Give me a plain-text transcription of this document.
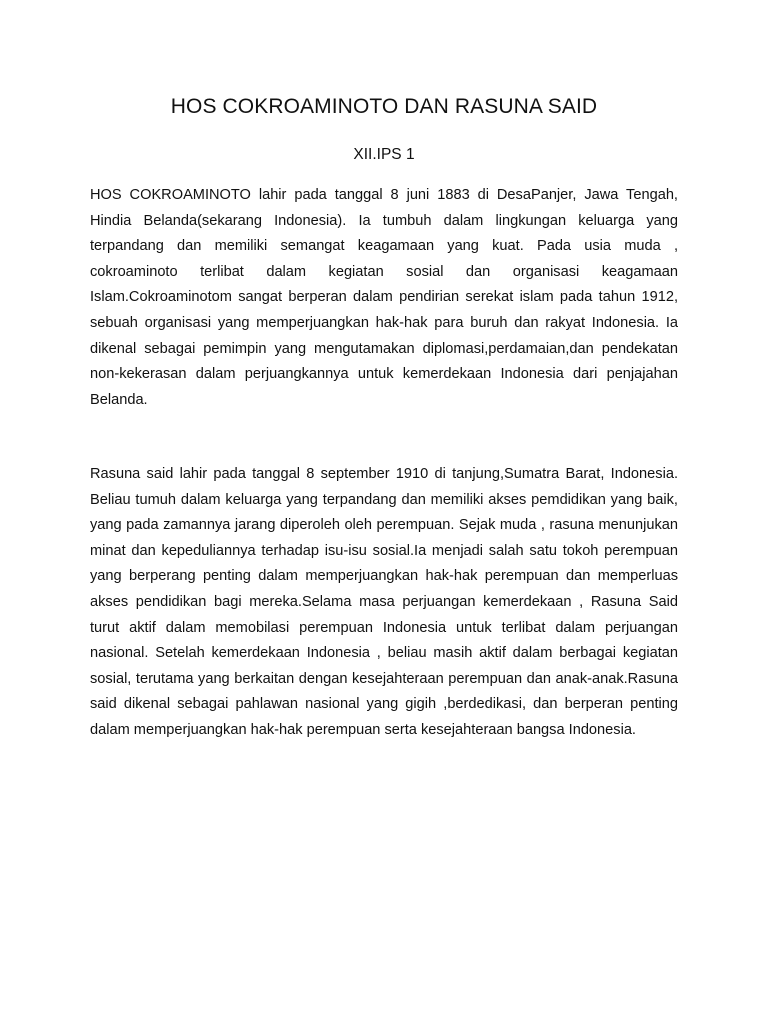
HOS COKROAMINOTO DAN RASUNA SAID

XII.IPS 1

HOS COKROAMINOTO lahir pada tanggal 8 juni 1883 di DesaPanjer, Jawa Tengah, Hindia Belanda(sekarang Indonesia). Ia tumbuh dalam lingkungan keluarga yang terpandang dan memiliki semangat keagamaan yang kuat. Pada usia muda , cokroaminoto terlibat dalam kegiatan sosial dan organisasi keagamaan Islam.Cokroaminotom sangat berperan dalam pendirian serekat islam pada tahun 1912, sebuah organisasi yang memperjuangkan hak-hak para buruh dan rakyat Indonesia. Ia dikenal sebagai pemimpin yang mengutamakan diplomasi,perdamaian,dan pendekatan non-kekerasan dalam perjuangkannya untuk kemerdekaan Indonesia dari penjajahan Belanda.

Rasuna said lahir pada tanggal 8 september 1910 di tanjung,Sumatra Barat, Indonesia. Beliau tumuh dalam keluarga yang terpandang dan memiliki akses pemdidikan yang baik, yang pada zamannya jarang diperoleh oleh perempuan. Sejak muda , rasuna menunjukan minat dan kepeduliannya terhadap isu-isu sosial.Ia menjadi salah satu tokoh perempuan yang berperang penting dalam memperjuangkan hak-hak perempuan dan memperluas akses pendidikan bagi mereka.Selama masa perjuangan kemerdekaan , Rasuna Said turut aktif dalam memobilasi perempuan Indonesia untuk terlibat dalam perjuangan nasional. Setelah kemerdekaan Indonesia , beliau masih aktif dalam berbagai kegiatan sosial, terutama yang berkaitan dengan kesejahteraan perempuan dan anak-anak.Rasuna said dikenal sebagai pahlawan nasional yang gigih ,berdedikasi, dan berperan penting dalam memperjuangkan hak-hak perempuan serta kesejahteraan bangsa Indonesia.
